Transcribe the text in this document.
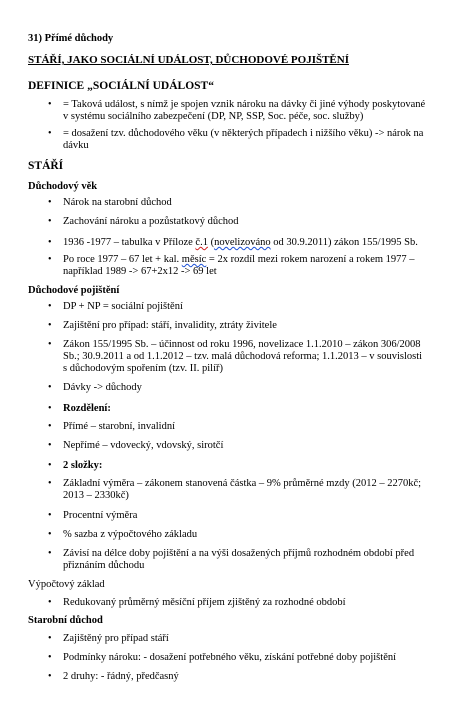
31) Přímé důchody
STÁŘÍ, JAKO SOCIÁLNÍ UDÁLOST, DŮCHODOVÉ POJIŠTĚNÍ
DEFINICE „SOCIÁLNÍ UDÁLOST“
• = Taková událost, s nímž je spojen vznik nároku na dávky či jiné výhody poskytované
v systému sociálního zabezpečení (DP, NP, SSP, Soc. péče, soc. služby)
• = dosažení tzv. důchodového věku (v některých případech i nižšího věku) -> nárok na
dávku
STÁŘÍ
Důchodový věk
• Nárok na starobní důchod
• Zachování nároku a pozůstatkový důchod
• 1936 -1977 – tabulka v Příloze č.1 (novelizováno od 30.9.2011) zákon 155/1995 Sb.
• Po roce 1977 – 67 let + kal. měsíc = 2x rozdíl mezi rokem narození a rokem 1977 –
například 1989 -> 67+2x12 -> 69 let
Důchodové pojištění
• DP + NP = sociální pojištění
• Zajištění pro případ: stáří, invalidity, ztráty živitele
• Zákon 155/1995 Sb. – účinnost od roku 1996, novelizace 1.1.2010 – zákon 306/2008
Sb.; 30.9.2011 a od 1.1.2012 – tzv. malá důchodová reforma; 1.1.2013 – v souvislosti
s důchodovým spořením (tzv. II. pilíř)
• Dávky -> důchody
• Rozdělení:
• Přímé – starobní, invalidní
• Nepřímé – vdovecký, vdovský, sirotčí
• 2 složky:
• Základní výměra – zákonem stanovená částka – 9% průměrné mzdy (2012 – 2270kč;
2013 – 2330kč)
• Procentní výměra
• % sazba z výpočtového základu
• Závisí na délce doby pojištění a na výši dosažených příjmů rozhodném období před
přiznáním důchodu
Výpočtový základ
• Redukovaný průměrný měsíční příjem zjištěný za rozhodné období
Starobní důchod
• Zajištěný pro případ stáří
• Podmínky nároku: - dosažení potřebného věku, získání potřebné doby pojištění
• 2 druhy: - řádný, předčasný
